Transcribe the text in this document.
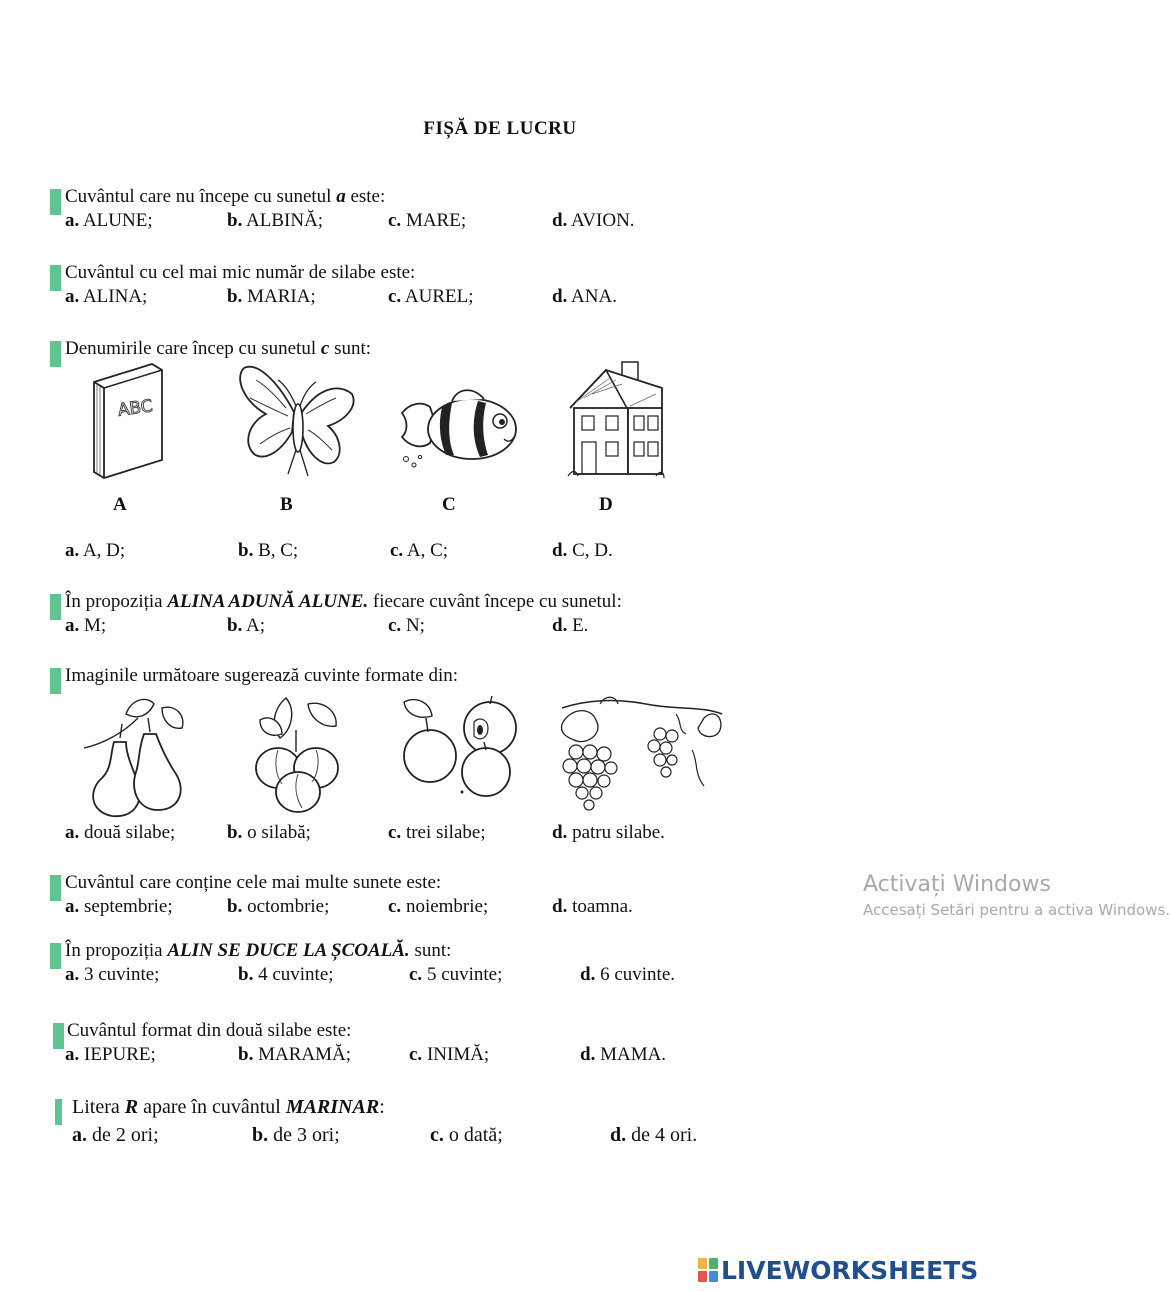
FIȘĂ DE LUCRU
Cuvântul care nu începe cu sunetul a este:
a. ALUNE;	b. ALBINĂ;	c. MARE;	d. AVION.
Cuvântul cu cel mai mic număr de silabe este:
a. ALINA;	b. MARIA;	c. AUREL;	d. ANA.
Denumirile care încep cu sunetul c sunt:
ABC
A	B	C	D
a. A, D;	b. B, C;	c. A, C;	d. C, D.
În propoziția ALINA ADUNĂ ALUNE. fiecare cuvânt începe cu sunetul:
a. M;	b. A;	c. N;	d. E.
Imaginile următoare sugerează cuvinte formate din:
a. două silabe;	b. o silabă;	c. trei silabe;	d. patru silabe.
Cuvântul care conține cele mai multe sunete este:
a. septembrie;	b. octombrie;	c. noiembrie;	d. toamna.
În propoziția ALIN SE DUCE LA ȘCOALĂ. sunt:
a. 3 cuvinte;	b. 4 cuvinte;	c. 5 cuvinte;	d. 6 cuvinte.
Cuvântul format din două silabe este:
a. IEPURE;	b. MARAMĂ;	c. INIMĂ;	d. MAMA.
Litera R apare în cuvântul MARINAR:
a. de 2 ori;	b. de 3 ori;	c. o dată;	d. de 4 ori.
Activați Windows
Accesați Setări pentru a activa Windows.
LIVEWORKSHEETS
